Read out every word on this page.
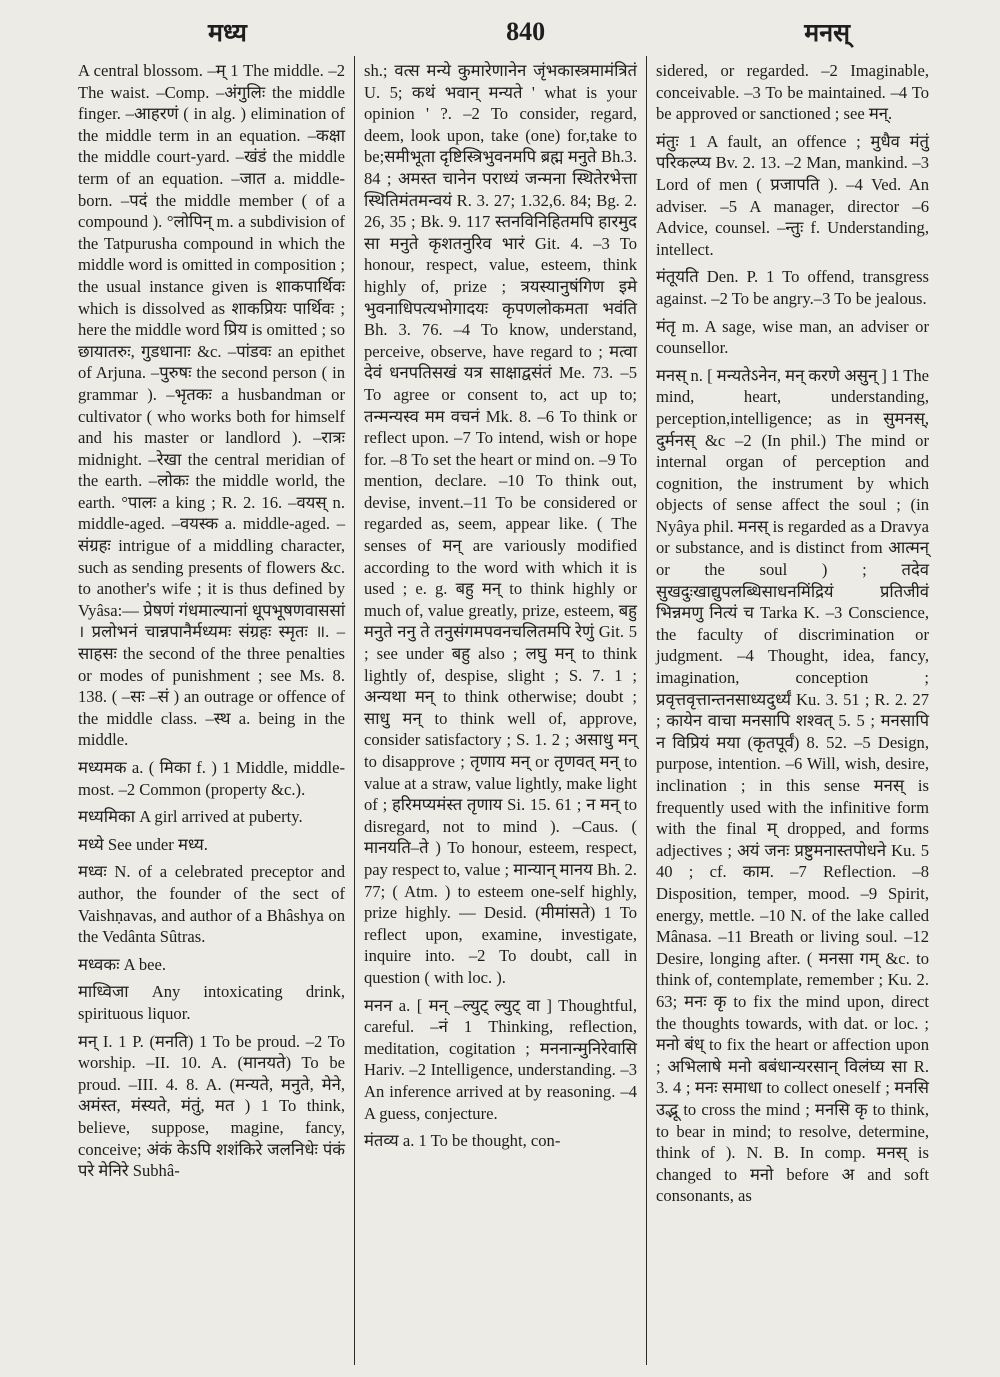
मध्य	840	मनस्

A central blossom. –म् 1 The middle. –2 The waist. –Comp. –अंगुलिः the middle finger. –आहरणं ( in alg. ) elimination of the middle term in an equation. –कक्षा the middle court-yard. –खंडं the middle term of an equation. –जात a. middle-born. –पदं the middle member ( of a compound ). °लोपिन् m. a subdivision of the Tatpurusha compound in which the middle word is omitted in composition ; the usual instance given is शाकपार्थिवः which is dissolved as शाकप्रियः पार्थिवः ; here the middle word प्रिय is omitted ; so छायातरुः, गुडधानाः &c. –पांडवः an epithet of Arjuna. –पुरुषः the second person ( in grammar ). –भृतकः a husbandman or cultivator ( who works both for himself and his master or landlord ). –रात्रः midnight. –रेखा the central meridian of the earth. –लोकः the middle world, the earth. °पालः a king ; R. 2. 16. –वयस् n. middle-aged. –वयस्क a. middle-aged. –संग्रहः intrigue of a middling character, such as sending presents of flowers &c. to another's wife ; it is thus defined by Vyâsa:— प्रेषणं गंधमाल्यानां धूपभूषणवाससां । प्रलोभनं चान्नपानैर्मध्यमः संग्रहः स्मृतः ॥. –साहसः the second of the three penalties or modes of punishment ; see Ms. 8. 138. ( –सः –सं ) an outrage or offence of the middle class. –स्थ a. being in the middle.

मध्यमक a. ( मिका f. ) 1 Middle, middle-most. –2 Common (property &c.).

मध्यमिका A girl arrived at puberty.

मध्ये See under मध्य.

मध्वः N. of a celebrated preceptor and author, the founder of the sect of Vaishṇavas, and author of a Bhâshya on the Vedânta Sûtras.

मध्वकः A bee.

माध्विजा Any intoxicating drink, spirituous liquor.

मन् I. 1 P. (मनति) 1 To be proud. –2 To worship. –II. 10. A. (मानयते) To be proud. –III. 4. 8. A. (मन्यते, मनुते, मेने, अमंस्त, मंस्यते, मंतुं, मत ) 1 To think, believe, suppose, magine, fancy, conceive; अंकं केऽपि शशंकिरे जलनिधेः पंकं परे मेनिरे Subhâ-

sh.; वत्स मन्ये कुमारेणानेन जृंभकास्त्रमामंत्रितं U. 5; कथं भवान् मन्यते ' what is your opinion ' ?. –2 To consider, regard, deem, look upon, take (one) for,take to be;समीभूता दृष्टिस्त्रिभुवनमपि ब्रह्म मनुते Bh.3. 84 ; अमस्त चानेन पराध्यं जन्मना स्थितेरभेत्ता स्थितिमंतमन्वयं R. 3. 27; 1.32,6. 84; Bg. 2. 26, 35 ; Bk. 9. 117 स्तनविनिहितमपि हारमुद सा मनुते कृशतनुरिव भारं Git. 4. –3 To honour, respect, value, esteem, think highly of, prize ; त्रयस्यानुषंगिण इमे भुवनाधिपत्यभोगादयः कृपणलोकमता भवंति Bh. 3. 76. –4 To know, understand, perceive, observe, have regard to ; मत्वा देवं धनपतिसखं यत्र साक्षाद्वसंतं Me. 73. –5 To agree or consent to, act up to; तन्मन्यस्व मम वचनं Mk. 8. –6 To think or reflect upon. –7 To intend, wish or hope for. –8 To set the heart or mind on. –9 To mention, declare. –10 To think out, devise, invent.–11 To be considered or regarded as, seem, appear like. ( The senses of मन् are variously modified according to the word with which it is used ; e. g. बहु मन् to think highly or much of, value greatly, prize, esteem, बहु मनुते ननु ते तनुसंगमपवनचलितमपि रेणुं Git. 5 ; see under बहु also ; लघु मन् to think lightly of, despise, slight ; S. 7. 1 ; अन्यथा मन् to think otherwise; doubt ; साधु मन् to think well of, approve, consider satisfactory ; S. 1. 2 ; असाधु मन् to disapprove ; तृणाय मन् or तृणवत् मन् to value at a straw, value lightly, make light of ; हरिमप्यमंस्त तृणाय Si. 15. 61 ; न मन् to disregard, not to mind ). –Caus. ( मानयति–ते ) To honour, esteem, respect, pay respect to, value ; मान्यान् मानय Bh. 2. 77; ( Atm. ) to esteem one-self highly, prize highly. — Desid. (मीमांसते) 1 To reflect upon, examine, investigate, inquire into. –2 To doubt, call in question ( with loc. ).

मनन a. [ मन् –ल्युट् ल्युट् वा ] Thoughtful, careful. –नं 1 Thinking, reflection, meditation, cogitation ; मननान्मुनिरेवासि Hariv. –2 Intelligence, understanding. –3 An inference arrived at by reasoning. –4 A guess, conjecture.

मंतव्य a. 1 To be thought, con-

sidered, or regarded. –2 Imaginable, conceivable. –3 To be maintained. –4 To be approved or sanctioned ; see मन्.

मंतुः 1 A fault, an offence ; मुधैव मंतुं परिकल्प्य Bv. 2. 13. –2 Man, mankind. –3 Lord of men ( प्रजापति ). –4 Ved. An adviser. –5 A manager, director –6 Advice, counsel. –न्तुः f. Understanding, intellect.

मंतूयति Den. P. 1 To offend, transgress against. –2 To be angry.–3 To be jealous.

मंतृ m. A sage, wise man, an adviser or counsellor.

मनस् n. [ मन्यतेऽनेन, मन् करणे असुन् ] 1 The mind, heart, understanding, perception,intelligence; as in सुमनस्, दुर्मनस् &c –2 (In phil.) The mind or internal organ of perception and cognition, the instrument by which objects of sense affect the soul ; (in Nyâya phil. मनस् is regarded as a Dravya or substance, and is distinct from आत्मन् or the soul ) ; तदेव सुखदुःखाद्युपलब्धिसाधनमिंद्रियं प्रतिजीवं भिन्नमणु नित्यं च Tarka K. –3 Conscience, the faculty of discrimination or judgment. –4 Thought, idea, fancy, imagination, conception ; प्रवृत्तवृत्तान्तनसाध्यदुर्ध्यं Ku. 3. 51 ; R. 2. 27 ; कायेन वाचा मनसापि शश्वत् 5. 5 ; मनसापि न विप्रियं मया (कृतपूर्वं) 8. 52. –5 Design, purpose, intention. –6 Will, wish, desire, inclination ; in this sense मनस् is frequently used with the infinitive form with the final म् dropped, and forms adjectives ; अयं जनः प्रष्टुमनास्तपोधने Ku. 5 40 ; cf. काम. –7 Reflection. –8 Disposition, temper, mood. –9 Spirit, energy, mettle. –10 N. of the lake called Mânasa. –11 Breath or living soul. –12 Desire, longing after. ( मनसा गम् &c. to think of, contemplate, remember ; Ku. 2. 63; मनः कृ to fix the mind upon, direct the thoughts towards, with dat. or loc. ; मनो बंध् to fix the heart or affection upon ; अभिलाषे मनो बबंधान्यरसान् विलंघ्य सा R. 3. 4 ; मनः समाधा to collect oneself ; मनसि उद्भू to cross the mind ; मनसि कृ to think, to bear in mind; to resolve, determine, think of ). N. B. In comp. मनस् is changed to मनो before अ and soft consonants, as
